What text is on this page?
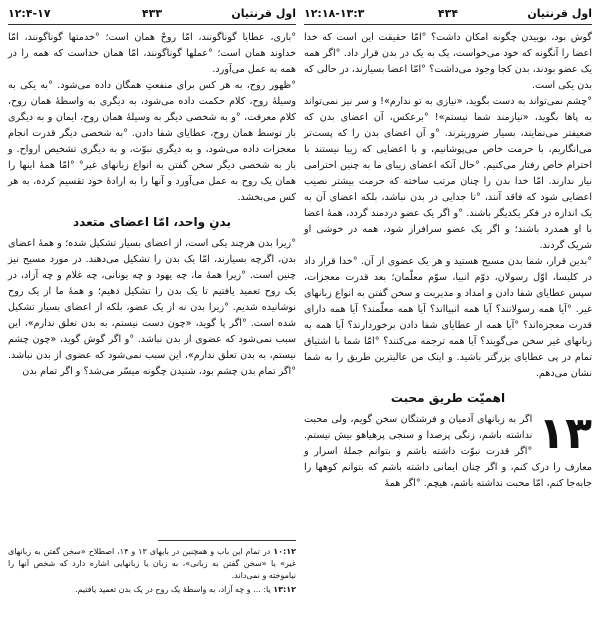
اول قرنتیان
۴۳۳
۱۲:۴-۱۷

°بارى، عطايا گوناگونند، امّا روحْ همان است؛ °خدمتها گوناگونند، امّا خداوند همان است؛ °عملها گوناگونند، امّا همان خداست که همه را در همه به عمل می‌آورد.

°ظهور روح، به هر کس برای منفعتِ همگان داده می‌شود. °به یکی به وسیلهٔ روح، کلام حکمت داده می‌شود، به دیگری به واسطهٔ همان روح، کلام معرفت، °و به شخصی دیگر به وسیلهٔ همان روح، ایمان و به دیگری باز توسط همان روح، عطایای شفا دادن. °به شخصی دیگر قدرت انجام معجزات داده می‌شود، و به دیگری نبوّت، و به دیگری تشخیص ارواح. و باز به شخصی دیگر سخن گفتن به انواع زبانهای غیر° °امّا همهٔ اینها را همان یک روح به عمل می‌آورد و آنها را به ارادهٔ خود تقسیم کرده، به هر کس می‌بخشد.

بدنِ واحد، امّا اعضای متعدد

°زیرا بدن هرچند یکی است، از اعضای بسیار تشکیل شده؛ و همهٔ اعضای بدن، اگرچه بسیارند، امّا یک بدن را تشکیل می‌دهند. در مورد مسیح نیز چنین است. °زیرا همهٔ ما، چه یهود و چه یونانی، چه غلام و چه آزاد، در یک روح تعمید یافتیم تا یک بدن را تشکیل دهیم؛ و همهٔ ما از یک روح نوشانیده شدیم. °زیرا بدن نه از یک عضو، بلکه از اعضای بسیار تشکیل شده است. °اگر پا گوید، «چون دست نیستم، به بدن تعلق ندارم»، این سبب نمی‌شود که عضوی از بدن نباشد. °و اگر گوش گوید، «چون چشم نیستم، به بدن تعلق ندارم»، این سبب نمی‌شود که عضوی از بدن نباشد. °اگر تمام بدن چشم بود، شنیدن چگونه میسّر می‌شد؟ و اگر تمام بدن

۱۰:۱۲ در تمام این باب و همچنین در بابهای ۱۳ و ۱۴، اصطلاح «سخن گفتن به زبانهای غیر» یا «سخن گفتن به زبانی»، به زبان یا زبانهایی اشاره دارد که شخص آنها را نیاموخته و نمی‌داند.

۱۳:۱۲ یا: ... و چه آزاد، به واسطهٔ یک روح در یک بدن تعمید یافتیم.

اول قرنتیان
۴۳۴
۱۲:۱۸-۱۳:۳

گوش بود، بوییدن چگونه امکان داشت؟ °امّا حقیقت این است که خدا اعضا را آنگونه که خود می‌خواست، یک به یک در بدن قرار داد. °اگر همه یک عضو بودند، بدن کجا وجود می‌داشت؟ °امّا اعضا بسیارند، در حالی که بدن یکی است.

°چشم نمی‌تواند به دست بگوید، «نیازی به تو ندارم»! و سر نیز نمی‌تواند به پاها بگوید، «نیازمند شما نیستم»! °برعکس، آن اعضای بدن که ضعیفتر می‌نمایند، بسیار ضروریترند. °و آن اعضای بدن را که پست‌تر می‌انگاریم، با حرمت خاص می‌پوشانیم، و با اعضایی که زیبا نیستند با احترام خاص رفتار می‌کنیم. °حال آنکه اعضای زیبای ما به چنین احترامی نیاز ندارند. امّا خدا بدن را چنان مرتب ساخته که حرمت بیشتر نصیب اعضایی شود که فاقد آنند، °تا جدایی در بدن نباشد، بلکه اعضای آن به یک اندازه در فکر یکدیگر باشند. °و اگر یک عضو دردمند گردد، همهٔ اعضا با او همدرد باشند؛ و اگر یک عضو سرافراز شود، همه در خوشی او شریک گردند.

°بدین قرار، شما بدن مسیح هستید و هر یک عضوی از آن. °خدا قرار داد در کلیسا، اوّل رسولان، دوّم انبیا، سوّم معلّمان؛ بعد قدرت معجزات، سپس عطایای شفا دادن و امداد و مدیریت و سخن گفتن به انواع زبانهای غیر. °آیا همه رسولانند؟ آیا همه انبیا‌اند؟ آیا همه معلّمند؟ آیا همه دارای قدرت معجزه‌اند؟ °آیا همه از عطایای شفا دادن برخوردارند؟ آیا همه به زبانهای غیر سخن می‌گویند؟ آیا همه ترجمه می‌کنند؟ °امّا شما با اشتیاق تمام در پی عطایای بزرگتر باشید. و اینک من عالیترین طریق را به شما نشان می‌دهم.

اهمیّت طریق محبت

۱۳
اگر به زبانهای آدمیان و فرشتگان سخن گویم، ولی محبت نداشته باشم، زنگی پرصدا و سنجی پرهیاهو بیش نیستم. °اگر قدرت نبوّت داشته باشم و بتوانم جملهٔ اسرار و معارف را درک کنم، و اگر چنان ایمانی داشته باشم که بتوانم کوهها را جابه‌جا کنم، امّا محبت نداشته باشم، هیچم. °اگر همهٔ
